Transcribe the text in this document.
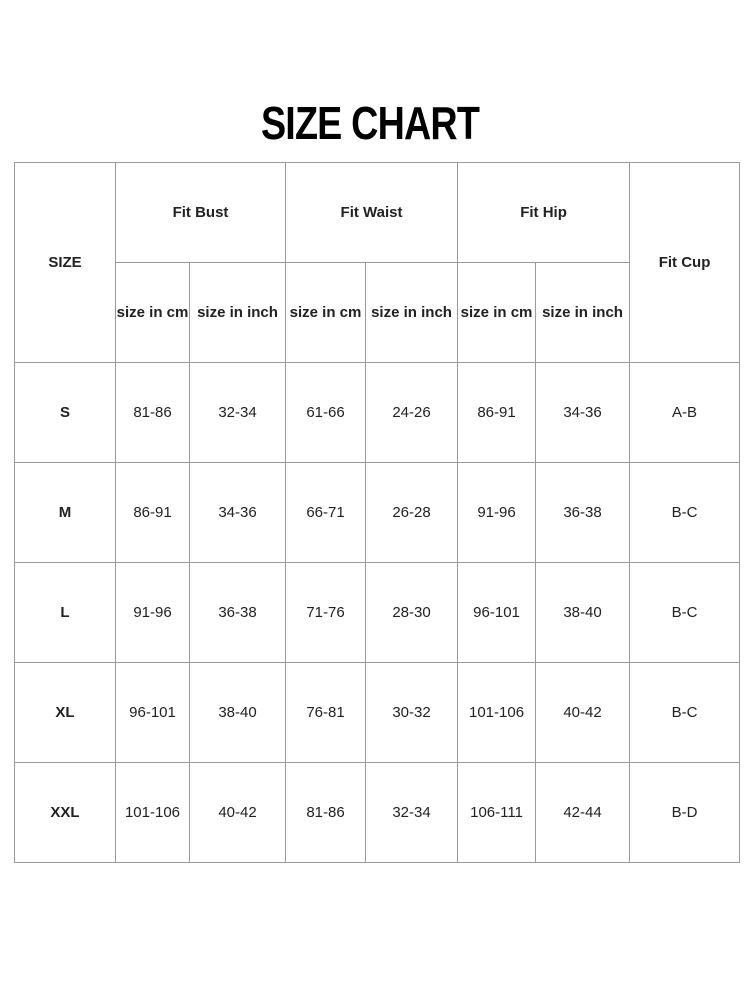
SIZE CHART
SIZE	Fit Bust		Fit Waist		Fit Hip		Fit Cup
	size in cm	size in inch	size in cm	size in inch	size in cm	size in inch	
S	81-86	32-34	61-66	24-26	86-91	34-36	A-B
M	86-91	34-36	66-71	26-28	91-96	36-38	B-C
L	91-96	36-38	71-76	28-30	96-101	38-40	B-C
XL	96-101	38-40	76-81	30-32	101-106	40-42	B-C
XXL	101-106	40-42	81-86	32-34	106-111	42-44	B-D
